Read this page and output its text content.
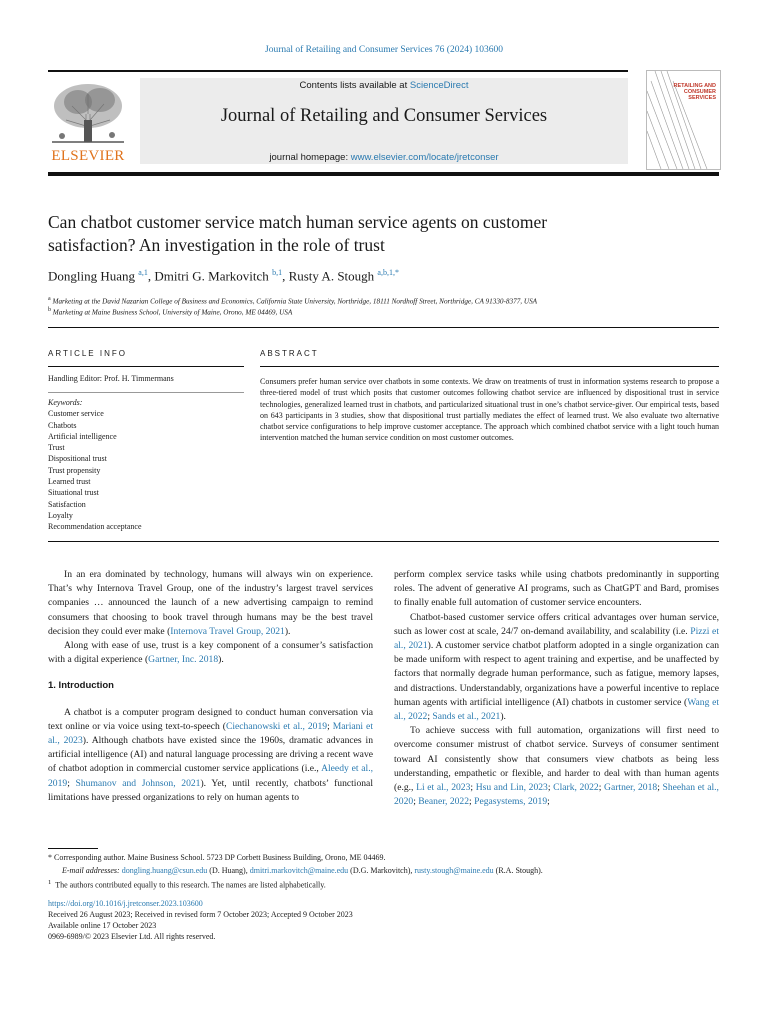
Journal of Retailing and Consumer Services 76 (2024) 103600
ELSEVIER
Contents lists available at ScienceDirect
Journal of Retailing and Consumer Services
journal homepage: www.elsevier.com/locate/jretconser
RETAILING AND CONSUMER SERVICES
Can chatbot customer service match human service agents on customer
satisfaction? An investigation in the role of trust
Dongling Huang $^{a,1}$, Dmitri G. Markovitch $^{b,1}$, Rusty A. Stough $^{a,b,1,*}$
$^a$ Marketing at the David Nazarian College of Business and Economics, California State University, Northridge, 18111 Nordhoff Street, Northridge, CA 91330-8377, USA
$^b$ Marketing at Maine Business School, University of Maine, Orono, ME 04469, USA
ARTICLE INFO	ABSTRACT
Handling Editor: Prof. H. Timmermans
Keywords:
Customer service
Chatbots
Artificial intelligence
Trust
Dispositional trust
Trust propensity
Learned trust
Situational trust
Satisfaction
Loyalty
Recommendation acceptance
Consumers prefer human service over chatbots in some contexts. We draw on treatments of trust in information systems research to propose a three-tiered model of trust which posits that customer outcomes following chatbot service are influenced by dispositional trust in service technologies, generalized learned trust in chatbots, and particularized situational trust in one’s chatbot service-giver. Our empirical tests, based on 643 participants in 3 studies, show that dispositional trust partially mediates the effect of learned trust. We also evaluate two alternative chatbot service configurations to help improve customer acceptance. The approach which combined chatbot service with a light touch human intervention matched the human service condition on most customer outcomes.

In an era dominated by technology, humans will always win on experience. That’s why Internova Travel Group, one of the industry’s largest travel services companies … announced the launch of a new advertising campaign to remind consumers that choosing to book travel through humans may be the best travel decision they could ever make (Internova Travel Group, 2021).

Along with ease of use, trust is a key component of a consumer’s satisfaction with a digital experience (Gartner, Inc. 2018).

1. Introduction

A chatbot is a computer program designed to conduct human conversation via text online or via voice using text-to-speech (Ciechanowski et al., 2019; Mariani et al., 2023). Although chatbots have existed since the 1960s, dramatic advances in artificial intelligence (AI) and natural language processing are driving a recent wave of chatbot adoption in commercial customer service applications (i.e., Aleedy et al., 2019; Shumanov and Johnson, 2021). Yet, until recently, chatbots’ functional limitations have pressed organizations to rely on human agents to

perform complex service tasks while using chatbots predominantly in supporting roles. The advent of generative AI programs, such as ChatGPT and Bard, promises to finally enable full automation of customer service encounters.

Chatbot-based customer service offers critical advantages over human service, such as lower cost at scale, 24/7 on-demand availability, and scalability (i.e. Pizzi et al., 2021). A customer service chatbot platform adopted in a single organization can be made uniform with respect to agent training and expertise, and be unaffected by factors that normally degrade human performance, such as fatigue, memory lapses, and distractions. Understandably, organizations have a powerful incentive to replace human agents with artificial intelligence (AI) chatbots in customer service (Wang et al., 2022; Sands et al., 2021).

To achieve success with full automation, organizations will first need to overcome consumer mistrust of chatbot service. Surveys of consumer sentiment toward AI consistently show that consumers view chatbots as being less understanding, empathetic or flexible, and harder to deal with than human agents (e.g., Li et al., 2023; Hsu and Lin, 2023; Clark, 2022; Gartner, 2018; Sheehan et al., 2020; Beaner, 2022; Pegasystems, 2019;

* Corresponding author. Maine Business School. 5723 DP Corbett Business Building, Orono, ME 04469.
E-mail addresses: dongling.huang@csun.edu (D. Huang), dmitri.markovitch@maine.edu (D.G. Markovitch), rusty.stough@maine.edu (R.A. Stough).
$^1$ The authors contributed equally to this research. The names are listed alphabetically.
https://doi.org/10.1016/j.jretconser.2023.103600
Received 26 August 2023; Received in revised form 7 October 2023; Accepted 9 October 2023
Available online 17 October 2023
0969-6989/© 2023 Elsevier Ltd. All rights reserved.
